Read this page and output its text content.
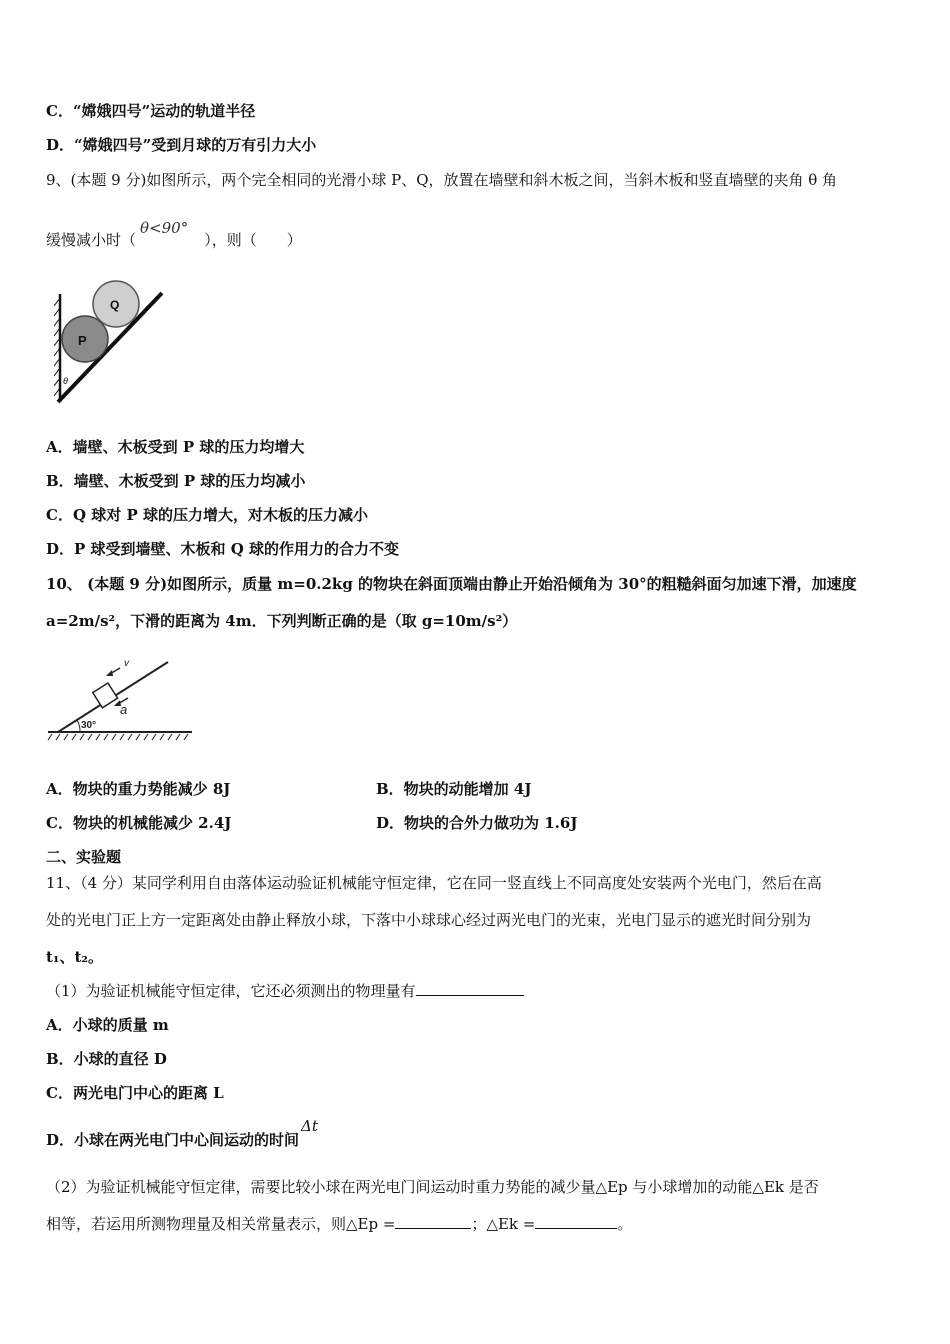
C．“嫦娥四号”运动的轨道半径
D．“嫦娥四号”受到月球的万有引力大小
9、(本题 9 分)如图所示，两个完全相同的光滑小球 P、Q，放置在墙壁和斜木板之间，当斜木板和竖直墙壁的夹角 θ 角
缓慢减小时（θ<90°），则（　　）
P
Q
θ
A．墙壁、木板受到 P 球的压力均增大
B．墙壁、木板受到 P 球的压力均减小
C．Q 球对 P 球的压力增大，对木板的压力减小
D．P 球受到墙壁、木板和 Q 球的作用力的合力不变
10、 (本题 9 分)如图所示，质量 m=0.2kg 的物块在斜面顶端由静止开始沿倾角为 30°的粗糙斜面匀加速下滑，加速度
a=2m/s²，下滑的距离为 4m．下列判断正确的是（取 g=10m/s²）
v
a
30°
A．物块的重力势能减少 8J	B．物块的动能增加 4J
C．物块的机械能减少 2.4J	D．物块的合外力做功为 1.6J
二、实验题
11、（4 分）某同学利用自由落体运动验证机械能守恒定律，它在同一竖直线上不同高度处安装两个光电门，然后在高
处的光电门正上方一定距离处由静止释放小球，下落中小球球心经过两光电门的光束，光电门显示的遮光时间分别为
t₁、t₂。
（1）为验证机械能守恒定律，它还必须测出的物理量有
A．小球的质量 m
B．小球的直径 D
C．两光电门中心的距离 L
D．小球在两光电门中心间运动的时间Δt
（2）为验证机械能守恒定律，需要比较小球在两光电门间运动时重力势能的减少量△Ep 与小球增加的动能△Ek 是否
相等，若运用所测物理量及相关常量表示，则△Ep =	；△Ek =	。
